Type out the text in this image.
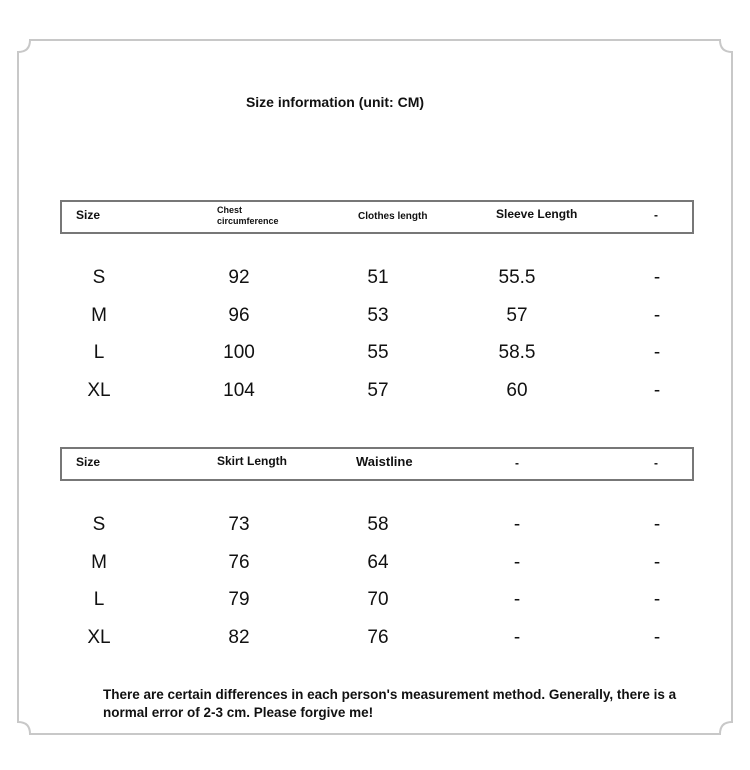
Size information (unit: CM)
Size	Chest circumference	Clothes length	Sleeve Length	-
S	92	51	55.5	-
M	96	53	57	-
L	100	55	58.5	-
XL	104	57	60	-
Size	Skirt Length	Waistline	-	-
S	73	58	-	-
M	76	64	-	-
L	79	70	-	-
XL	82	76	-	-
There are certain differences in each person's measurement method. Generally, there is a normal error of 2-3 cm. Please forgive me!
